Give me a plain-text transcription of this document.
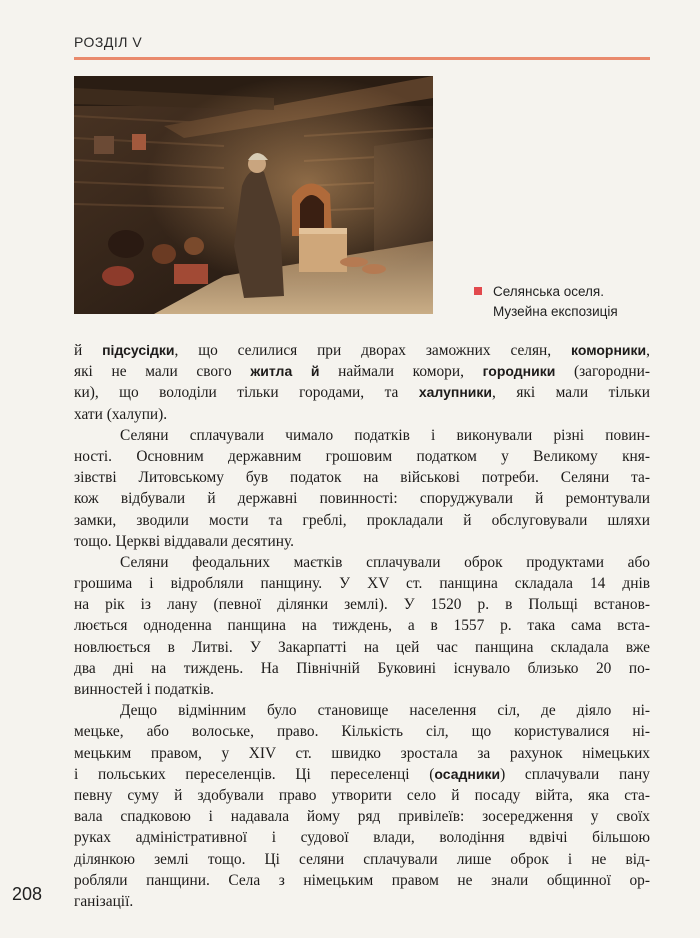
РОЗДІЛ V
Селянська оселя.
Музейна експозиція
й підсусідки, що селилися при дворах заможних селян, коморники,
які не мали свого житла й наймали комори, городники (загородни-
ки), що володіли тільки городами, та халупники, які мали тільки
хати (халупи).
Селяни сплачували чимало податків і виконували різні повин-
ності. Основним державним грошовим податком у Великому кня-
зівстві Литовському був податок на військові потреби. Селяни та-
кож відбували й державні повинності: споруджували й ремонтували
замки, зводили мости та греблі, прокладали й обслуговували шляхи
тощо. Церкві віддавали десятину.
Селяни феодальних маєтків сплачували оброк продуктами або
грошима і відробляли панщину. У XV ст. панщина складала 14 днів
на рік із лану (певної ділянки землі). У 1520 р. в Польщі встанов-
люється одноденна панщина на тиждень, а в 1557 р. така сама вста-
новлюється в Литві. У Закарпатті на цей час панщина складала вже
два дні на тиждень. На Північній Буковині існувало близько 20 по-
винностей і податків.
Дещо відмінним було становище населення сіл, де діяло ні-
мецьке, або волоське, право. Кількість сіл, що користувалися ні-
мецьким правом, у XIV ст. швидко зростала за рахунок німецьких
і польських переселенців. Ці переселенці (осадники) сплачували пану
певну суму й здобували право утворити село й посаду війта, яка ста-
вала спадковою і надавала йому ряд привілеїв: зосередження у своїх
руках адміністративної і судової влади, володіння вдвічі більшою
ділянкою землі тощо. Ці селяни сплачували лише оброк і не від-
робляли панщини. Села з німецьким правом не знали общинної ор-
ганізації.
208
